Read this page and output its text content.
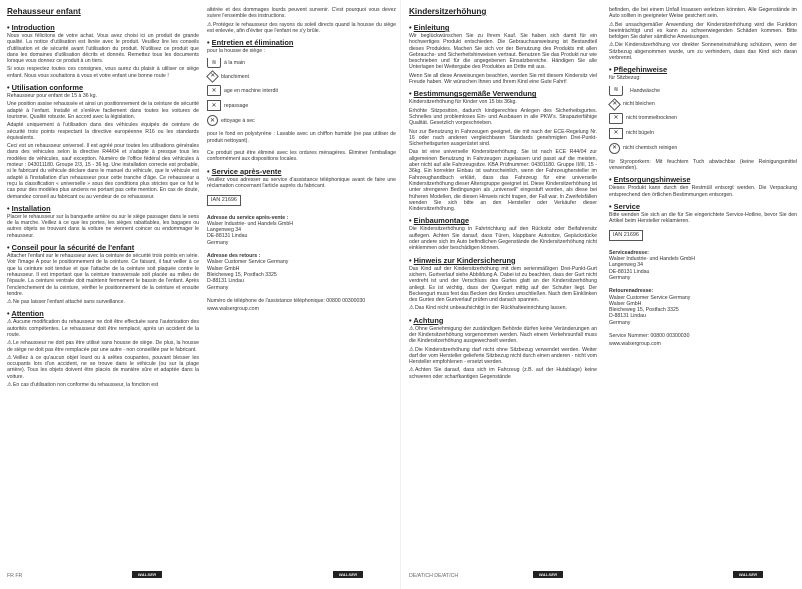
Rehausseur enfant
• Introduction

Nous vous félicitons de votre achat. Vous avez choisi ici un produit de grande qualité. La notice d'utilisation est livrée avec le produit. Veuillez lire les conseils d'utilisation et de sécurité avant l'utilisation du produit. N'utilisez ce produit que dans les domaines d'utilisation décrits et donnés. Remettez tous les documents lorsque vous donnez ce produit à un tiers.

Si vous respectez toutes ces consignes, vous aurez du plaisir à utiliser ce siège enfant. Nous vous souhaitons à vous et votre enfant une bonne route !

• Utilisation conforme

Rehausseur pour enfant de 15 à 36 kg.

Une position assise rehaussée et ainsi un positionnement de la ceinture de sécurité adapté à l'enfant. Installé et s'enlève facilement dans toutes les voitures de tourisme. Qualité robuste. En accord avec la législation.

Adapté uniquement à l'utilisation dans des véhicules équipés de ceinture de sécurité trois points respectant la directive européenne R16 ou les standards équivalents.

Ceci est un rehausseur universel. Il est agréé pour toutes les utilisations générales dans des véhicules selon la directive R44/04 et s'adapte à presque tous les modèles de véhicules, sauf exception. Numéro de l'office fédéral des véhicules à moteur : 043011180. Groupe 2/3, 15 - 36 kg. Une installation correcte est probable, si le fabricant du véhicule déclare dans le manuel du véhicule, que le véhicule est adapté à l'installation d'un rehausseur pour cette tranche d'âge. Ce rehausseur a reçu la classification « universelle » sous des conditions plus strictes que ce fut le cas pour des modèles plus anciens ne portant pas cette mention. En cas de doute, demandez conseil au fabricant ou au vendeur de ce rehausseur.

• Installation

Placer le rehausseur sur la banquette arrière ou sur le siège passager dans le sens de la marche. Veillez à ce que les portes, les sièges rabattables, les bagages ou autres objets se trouvant dans la voiture ne viennent coincer ou endommager le rehausseur.

• Conseil pour la sécurité de l'enfant

Attacher l'enfant sur le rehausseur avec la ceinture de sécurité trois points en série. Voir l'image A pour le positionnement de la ceinture. Ce faisant, il faut veiller à ce que la ceinture soit tendue et que l'attache de la ceinture soit plaquée contre le rehausseur. Il est important que la ceinture transversale soit placée au milieu de l'épaule. La ceinture ventrale doit maintenir fermement le bassin de l'enfant. Après l'enclenchement de la ceinture, vérifier le positionnement de la ceinture et ensuite tendre.

⚠Ne pas laisser l'enfant attaché sans surveillance.
• Attention
⚠Aucune modification du rehausseur ne doit être effectuée sans l'autorisation des autorités compétentes. Le rehausseur doit être remplacé, après un accident de la route.
⚠Le rehausseur ne doit pas être utilisé sans housse de siège. De plus, la housse de siège ne doit pas être remplacée par une autre - non conseillée par le fabricant.
⚠Veillez à ce qu'aucun objet lourd ou à arêtes coupantes, pouvant blesser les occupants lors d'un accident, ne se trouve dans le véhicule (ou sur la plage arrière). Tous les objets doivent être placés de manière sûre et adaptée dans la voiture.
⚠En cas d'utilisation non conforme du rehausseur, la fonction est

altérée et des dommages lourds peuvent survenir. C'est pourquoi vous devez suivre l'ensemble des instructions.

⚠Protégez le rehausseur des rayons du soleil directs quand la housse du siège est enlevée, afin d'éviter que l'enfant ne s'y brûle.
• Entretien et élimination

pour la housse de siège :

≋	à la main
✕ blanchiment
✕	age en machine interdit
✕	repassage
✕	ettoyage à sec

pour le fond en polystyrène : Lavable avec un chiffon humide (ne pas utiliser de produit nettoyant).

Ce produit peut être éliminé avec les ordures ménagères. Éliminer l'emballage conformément aux dispositions locales.

• Service après-vente

Veuillez vous adresser au service d'assistance téléphonique avant de faire une réclamation concernant l'article auprès du fabricant.

IAN 21696
Adresse du service après-vente :

Walser Industrie- und Handels GmbH

Langenweg 34

DE-88131 Lindau

Germany

Adresse des retours :

Walser Customer Service Germany

Walser GmbH

Bleicheweg 15, Postfach 3325

D-88131 Lindau

Germany

Numéro de téléphone de l'assistance téléphonique: 00800 00300030

www.walsergroup.com

Kindersitzerhöhung
• Einleitung

Wir beglückwünschen Sie zu Ihrem Kauf. Sie haben sich damit für ein hochwertiges Produkt entschieden. Die Gebrauchsanweisung ist Bestandteil dieses Produktes. Machen Sie sich vor der Benutzung des Produkts mit allen Gebrauchs- und Sicherheitshinweisen vertraut. Benutzen Sie das Produkt nur wie beschrieben und für die angegebenen Einsatzbereiche. Händigen Sie alle Unterlagen bei Weitergabe des Produktes an Dritte mit aus.

Wenn Sie all diese Anweisungen beachten, werden Sie mit diesem Kindersitz viel Freude haben. Wir wünschen Ihnen und Ihrem Kind eine Gute Fahrt!

• Bestimmungsgemäße Verwendung

Kindersitzerhöhung für Kinder von 15 bis 36kg.

Erhöhte Sitzposition, dadurch kindgerechtes Anlegen des Sicherheitsgurtes. Schnelles und problemloses Ein- und Ausbauen in alle PKW's. Strapazierfähige Qualität. Gesetzlich vorgeschrieben.

Nur zur Benutzung in Fahrzeugen geeignet, die mit nach der ECE-Regelung Nr. 16 oder nach anderen vergleichbaren Standards genehmigten Drei-Punkt-Sicherheitsgurten ausgerüstet sind.

Das ist eine universelle Kindersitzerhöhung. Sie ist nach ECE R44/04 zur allgemeinen Benutzung in Fahrzeugen zugelassen und passt auf die meisten, aber nicht auf alle Fahrzeugsitze. KBA Prüfnummer: 04301180. Gruppe II/III, 15 - 36kg. Ein korrekter Einbau ist wahrscheinlich, wenn der Fahrzeughersteller im Fahrzeughandbuch erklärt, dass das Fahrzeug für eine universelle Kindersitzerhöhung dieser Altersgruppe geeignet ist. Diese Kindersitzerhöhung ist unter strengeren Bedingungen als „universell" eingestuft worden, als diese bei früheren Modellen, die diesen Hinweis nicht tragen, der Fall war. In Zweifelsfällen wenden Sie sich bitte an den Hersteller oder Verkäufer dieser Kindersitzerhöhung.

• Einbaumontage

Die Kindersitzerhöhung in Fahrtrichtung auf den Rücksitz oder Beifahrersitz auflegen. Achten Sie darauf, dass Türen, klappbare Autositze, Gepäckstücke oder andere sich im Auto befindlichen Gegenstände die Kindersitzerhöhung nicht einklemmen oder beschädigen können.

• Hinweis zur Kindersicherung

Das Kind auf der Kindersitzerhöhung mit dem serienmäßigen Drei-Punkt-Gurt sichern. Gurtverlauf siehe Abbildung A. Dabei ist zu beachten, dass der Gurt nicht verdreht ist und der Verschluss des Gurtes glatt an der Kindersitzerhöhung anliegt. Es ist wichtig, dass der Quergurt mittig auf der Schulter liegt. Der Beckengurt muss fest das Becken des Kindes umschließen. Nach dem Einklinken des Gurtes den Gurtverlauf prüfen und danach spannen.

⚠Das Kind nicht unbeaufsichtigt in der Rückhalteeinrichtung lassen.
• Achtung
⚠Ohne Genehmigung der zuständigen Behörde dürfen keine Veränderungen an der Kindersitzerhöhung vorgenommen werden. Nach einem Verkehrsunfall muss die Kindersitzerhöhung ausgewechselt werden.
⚠Die Kindersitzerhöhung darf nicht ohne Sitzbezug verwendet werden. Weiter darf der vom Hersteller gelieferte Sitzbezug nicht durch einen anderen - nicht vom Hersteller empfohlenen - ersetzt werden.
⚠Achten Sie darauf, dass sich im Fahrzeug (z.B. auf der Hutablage) keine schweren oder scharfkantigen Gegenstände

befinden, die bei einem Unfall Insassen verletzen könnten. Alle Gegenstände im Auto sollten in geeigneter Weise gesichert sein.

⚠Bei unsachgemäßer Anwendung der Kindersitzerhöhung wird die Funktion beeinträchtigt und es kann zu schwerwiegenden Schäden kommen. Bitte befolgen Sie daher sämtliche Anweisungen.
⚠Die Kindersitzerhöhung vor direkter Sonneneinstrahlung schützen, wenn der Sitzbezug abgenommen wurde, um zu verhindern, dass das Kind sich daran verbrennt.
• Pflegehinweise

für Sitzbezug:

≋	Handwäsche
✕ nicht bleichen
✕	nicht trommeltrocknen
✕	nicht bügeln
✕	nicht chemisch reinigen

für Styroporkern: Mit feuchtem Tuch abwischbar (keine Reinigungsmittel verwenden).

• Entsorgungshinweise

Dieses Produkt kann durch den Restmüll entsorgt werden. Die Verpackung entsprechend den örtlichen Bestimmungen entsorgen.

• Service

Bitte wenden Sie sich an die für Sie eingerichtete Service-Hotline, bevor Sie den Artikel beim Hersteller reklamieren.

IAN 21696
Serviceadresse:

Walser Industrie- und Handels GmbH

Langenweg 34

DE-88131 Lindau

Germany

Retourenadresse:

Walser Customer Service Germany

Walser GmbH

Bleicheweg 15, Postfach 3325

D-88131 Lindau

Germany

Service Nummer: 00800 00300030

www.walsergroup.com

FR FR	WALSER	WALSER	DE/AT/CH DE/AT/CH	WALSER	WALSER
